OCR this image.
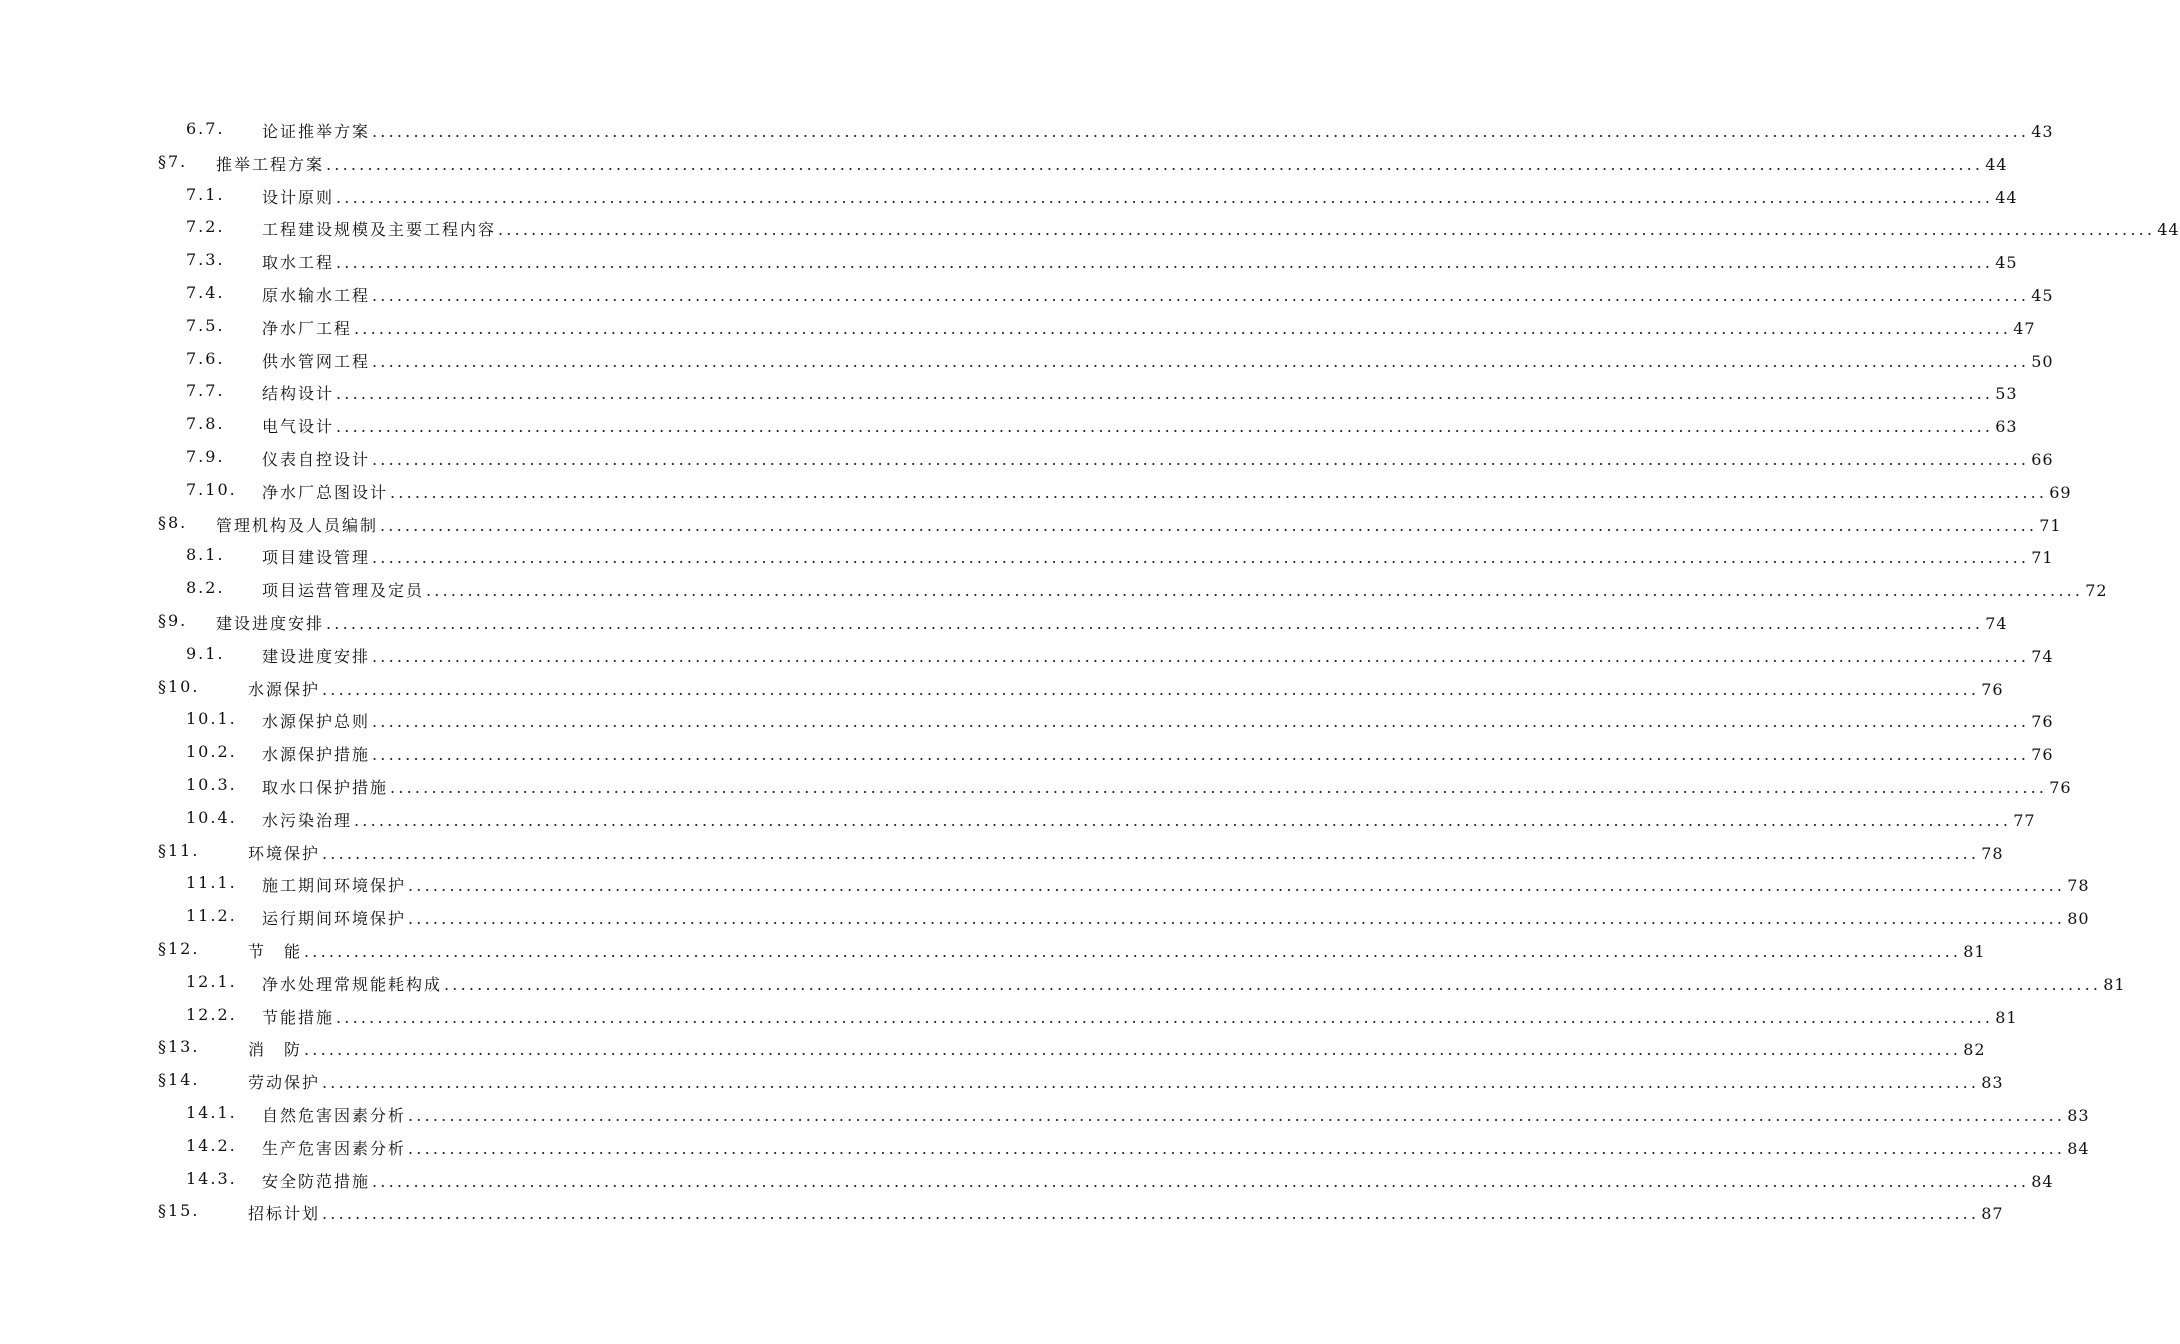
6.7. 论证推举方案 ........................................................................................................................................................................................................ 43
§7. 推举工程方案 ........................................................................................................................................................................................................ 44
7.1. 设计原则 ........................................................................................................................................................................................................ 44
7.2. 工程建设规模及主要工程内容 ........................................................................................................................................................................................................ 44
7.3. 取水工程 ........................................................................................................................................................................................................ 45
7.4. 原水输水工程 ........................................................................................................................................................................................................ 45
7.5. 净水厂工程 ........................................................................................................................................................................................................ 47
7.6. 供水管网工程 ........................................................................................................................................................................................................ 50
7.7. 结构设计 ........................................................................................................................................................................................................ 53
7.8. 电气设计 ........................................................................................................................................................................................................ 63
7.9. 仪表自控设计 ........................................................................................................................................................................................................ 66
7.10. 净水厂总图设计 ........................................................................................................................................................................................................ 69
§8. 管理机构及人员编制 ........................................................................................................................................................................................................ 71
8.1. 项目建设管理 ........................................................................................................................................................................................................ 71
8.2. 项目运营管理及定员 ........................................................................................................................................................................................................ 72
§9. 建设进度安排 ........................................................................................................................................................................................................ 74
9.1. 建设进度安排 ........................................................................................................................................................................................................ 74
§10.	水源保护 ........................................................................................................................................................................................................ 76
10.1. 水源保护总则 ........................................................................................................................................................................................................ 76
10.2. 水源保护措施 ........................................................................................................................................................................................................ 76
10.3. 取水口保护措施 ........................................................................................................................................................................................................ 76
10.4. 水污染治理 ........................................................................................................................................................................................................ 77
§11.	环境保护 ........................................................................................................................................................................................................ 78
11.1. 施工期间环境保护 ........................................................................................................................................................................................................ 78
11.2. 运行期间环境保护 ........................................................................................................................................................................................................ 80
§12.	节　能 ........................................................................................................................................................................................................ 81
12.1. 净水处理常规能耗构成 ........................................................................................................................................................................................................ 81
12.2. 节能措施 ........................................................................................................................................................................................................ 81
§13.	消　防 ........................................................................................................................................................................................................ 82
§14.	劳动保护 ........................................................................................................................................................................................................ 83
14.1. 自然危害因素分析 ........................................................................................................................................................................................................ 83
14.2. 生产危害因素分析 ........................................................................................................................................................................................................ 84
14.3. 安全防范措施 ........................................................................................................................................................................................................ 84
§15.	招标计划 ........................................................................................................................................................................................................ 87
